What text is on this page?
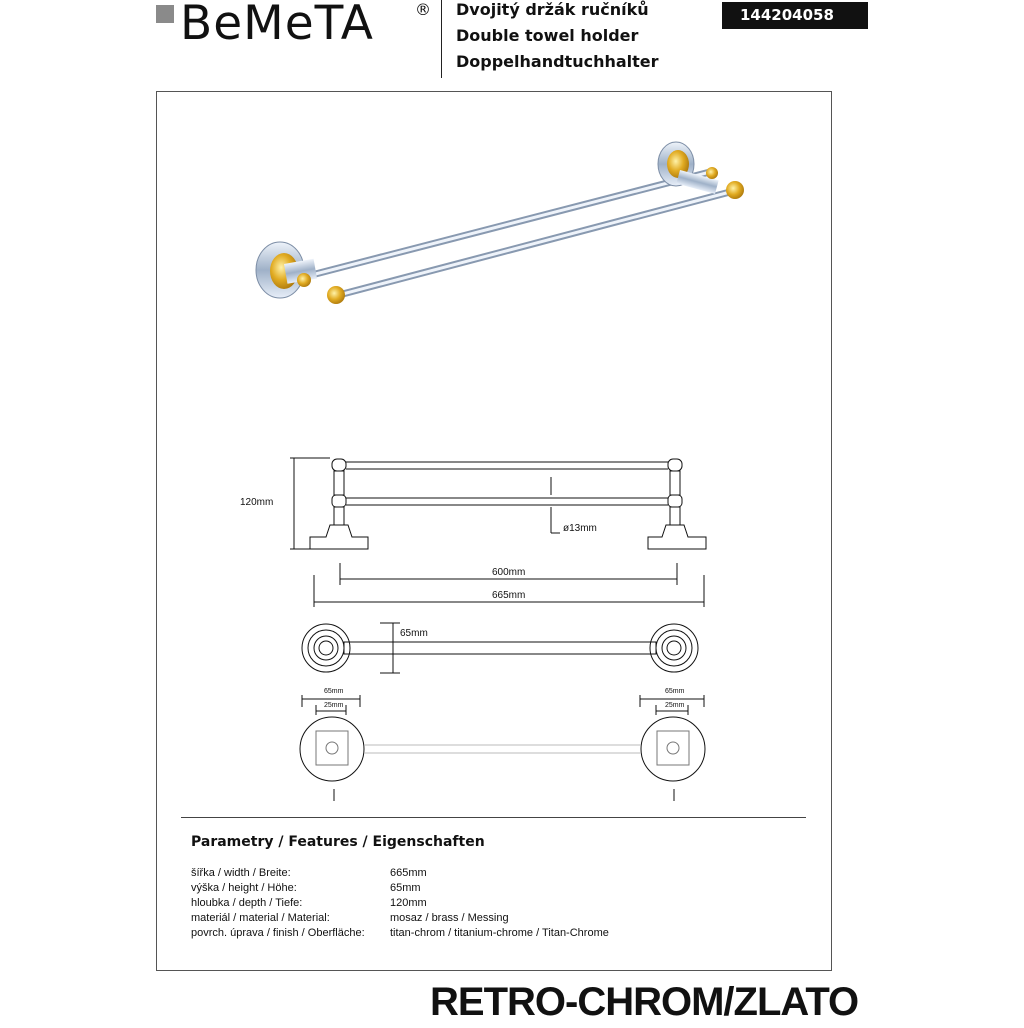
BeMeTA	® Dvojitý držák ručníků
Double towel holder
Doppelhandtuchhalter
144204058
120mm
ø13mm
600mm
665mm
65mm
65mm
25mm
65mm
25mm
Parametry / Features / Eigenschaften
šířka / width / Breite:	665mm
výška / height / Höhe:	65mm
hloubka / depth / Tiefe:	120mm
materiál / material / Material:	mosaz / brass / Messing
povrch. úprava / finish / Oberfläche: titan-chrom / titanium-chrome / Titan-Chrome
RETRO-CHROM/ZLATO
